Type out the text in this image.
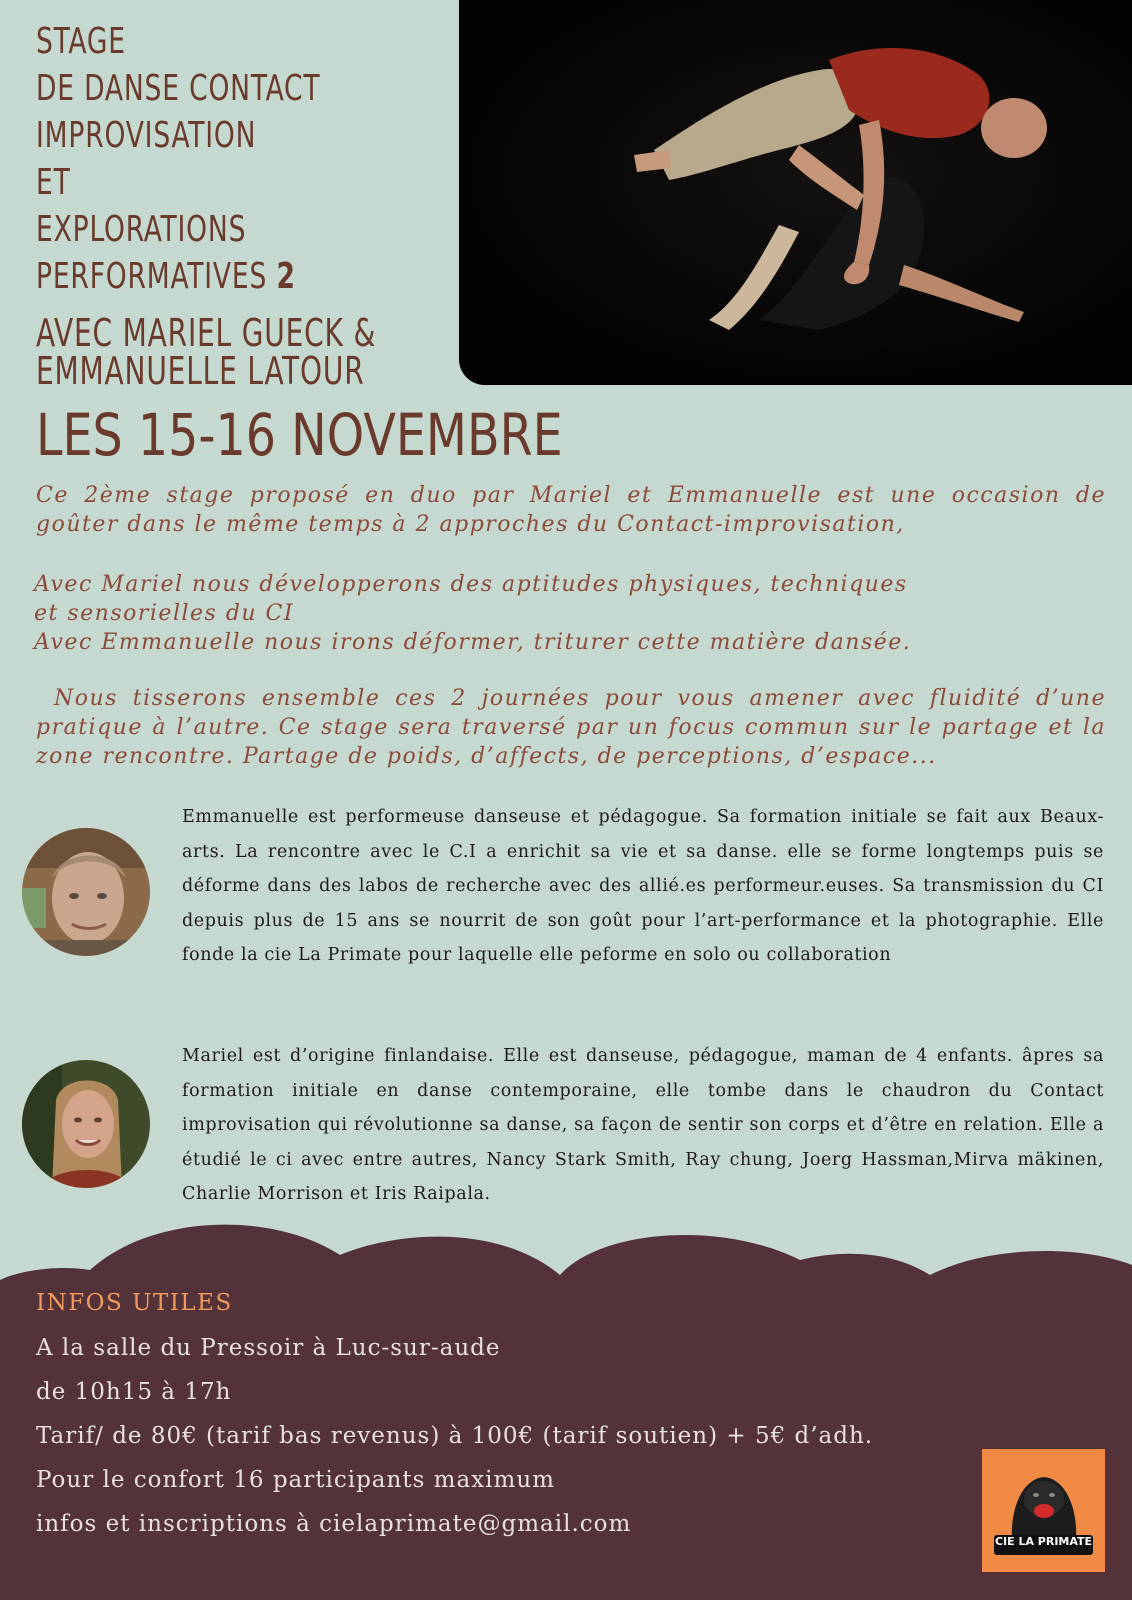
STAGE
DE DANSE CONTACT
IMPROVISATION
ET
EXPLORATIONS
PERFORMATIVES 2
AVEC MARIEL GUECK &
EMMANUELLE LATOUR
LES 15-16 NOVEMBRE

Ce 2ème stage proposé en duo par Mariel et Emmanuelle est une occasion de goûter dans le même temps à 2 approches du Contact-improvisation,

Avec Mariel nous développerons des aptitudes physiques, techniques

et sensorielles du CI

Avec Emmanuelle nous irons déformer, triturer cette matière dansée.

Nous tisserons ensemble ces 2 journées pour vous amener avec fluidité d’une pratique à l’autre. Ce stage sera traversé par un focus commun sur le partage et la zone rencontre. Partage de poids, d’affects, de perceptions, d’espace...

Emmanuelle est performeuse danseuse et pédagogue. Sa formation initiale se fait aux Beaux-arts. La rencontre avec le C.I a enrichit sa vie et sa danse. elle se forme longtemps puis se déforme dans des labos de recherche avec des allié.es performeur.euses. Sa transmission du CI depuis plus de 15 ans se nourrit de son goût pour l’art-performance et la photographie. Elle fonde la cie La Primate pour laquelle elle peforme en solo ou collaboration
Mariel est d’origine finlandaise. Elle est danseuse, pédagogue, maman de 4 enfants. âpres sa formation initiale en danse contemporaine, elle tombe dans le chaudron du Contact improvisation qui révolutionne sa danse, sa façon de sentir son corps et d’être en relation. Elle a étudié le ci avec entre autres, Nancy Stark Smith, Ray chung, Joerg Hassman,Mirva mäkinen, Charlie Morrison et Iris Raipala.
INFOS UTILES
A la salle du Pressoir à Luc-sur-aude
de 10h15 à 17h
Tarif/ de 80€ (tarif bas revenus) à 100€ (tarif soutien) + 5€ d’adh.
Pour le confort 16 participants maximum
infos et inscriptions à cielaprimate@gmail.com
CIE LA PRIMATE
BEAST IN TOWN
